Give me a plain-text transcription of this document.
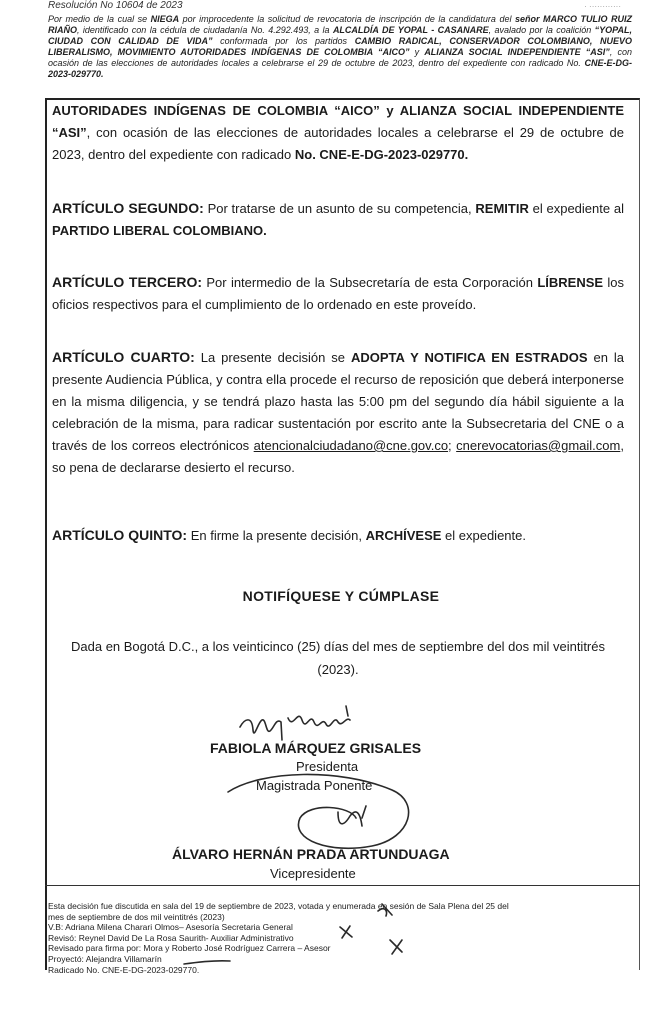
Resolución No 10604 de 2023	· ············
Por medio de la cual se NIEGA por improcedente la solicitud de revocatoria de inscripción de la candidatura del señor MARCO TULIO RUIZ RIAÑO, identificado con la cédula de ciudadanía No. 4.292.493, a la ALCALDÍA DE YOPAL - CASANARE, avalado por la coalición “YOPAL, CIUDAD CON CALIDAD DE VIDA” conformada por los partidos CAMBIO RADICAL, CONSERVADOR COLOMBIANO, NUEVO LIBERALISMO, MOVIMIENTO AUTORIDADES INDÍGENAS DE COLOMBIA “AICO” y ALIANZA SOCIAL INDEPENDIENTE “ASI”, con ocasión de las elecciones de autoridades locales a celebrarse el 29 de octubre de 2023, dentro del expediente con radicado No. CNE-E-DG-2023-029770.
AUTORIDADES INDÍGENAS DE COLOMBIA “AICO” y ALIANZA SOCIAL INDEPENDIENTE “ASI”, con ocasión de las elecciones de autoridades locales a celebrarse el 29 de octubre de 2023, dentro del expediente con radicado No. CNE-E-DG-2023-029770.
ARTÍCULO SEGUNDO: Por tratarse de un asunto de su competencia, REMITIR el expediente al PARTIDO LIBERAL COLOMBIANO.
ARTÍCULO TERCERO: Por intermedio de la Subsecretaría de esta Corporación LÍBRENSE los oficios respectivos para el cumplimiento de lo ordenado en este proveído.
ARTÍCULO CUARTO: La presente decisión se ADOPTA Y NOTIFICA EN ESTRADOS en la presente Audiencia Pública, y contra ella procede el recurso de reposición que deberá interponerse en la misma diligencia, y se tendrá plazo hasta las 5:00 pm del segundo día hábil siguiente a la celebración de la misma, para radicar sustentación por escrito ante la Subsecretaria del CNE o a través de los correos electrónicos atencionalciudadano@cne.gov.co; cnerevocatorias@gmail.com, so pena de declararse desierto el recurso.
ARTÍCULO QUINTO: En firme la presente decisión, ARCHÍVESE el expediente.
NOTIFÍQUESE Y CÚMPLASE
Dada en Bogotá D.C., a los veinticinco (25) días del mes de septiembre del dos mil veintitrés (2023).
FABIOLA MÁRQUEZ GRISALES
Presidenta
Magistrada Ponente
ÁLVARO HERNÁN PRADA ARTUNDUAGA
Vicepresidente
Esta decisión fue discutida en sala del 19 de septiembre de 2023, votada y enumerada en sesión de Sala Plena del 25 del
mes de septiembre de dos mil veintitrés (2023)
V.B: Adriana Milena Charari Olmos– Asesoría Secretaria General
Revisó: Reynel David De La Rosa Saurith- Auxiliar Administrativo
Revisado para firma por: Mora y Roberto José Rodríguez Carrera – Asesor
Proyectó: Alejandra Villamarín
Radicado No. CNE-E-DG-2023-029770.
